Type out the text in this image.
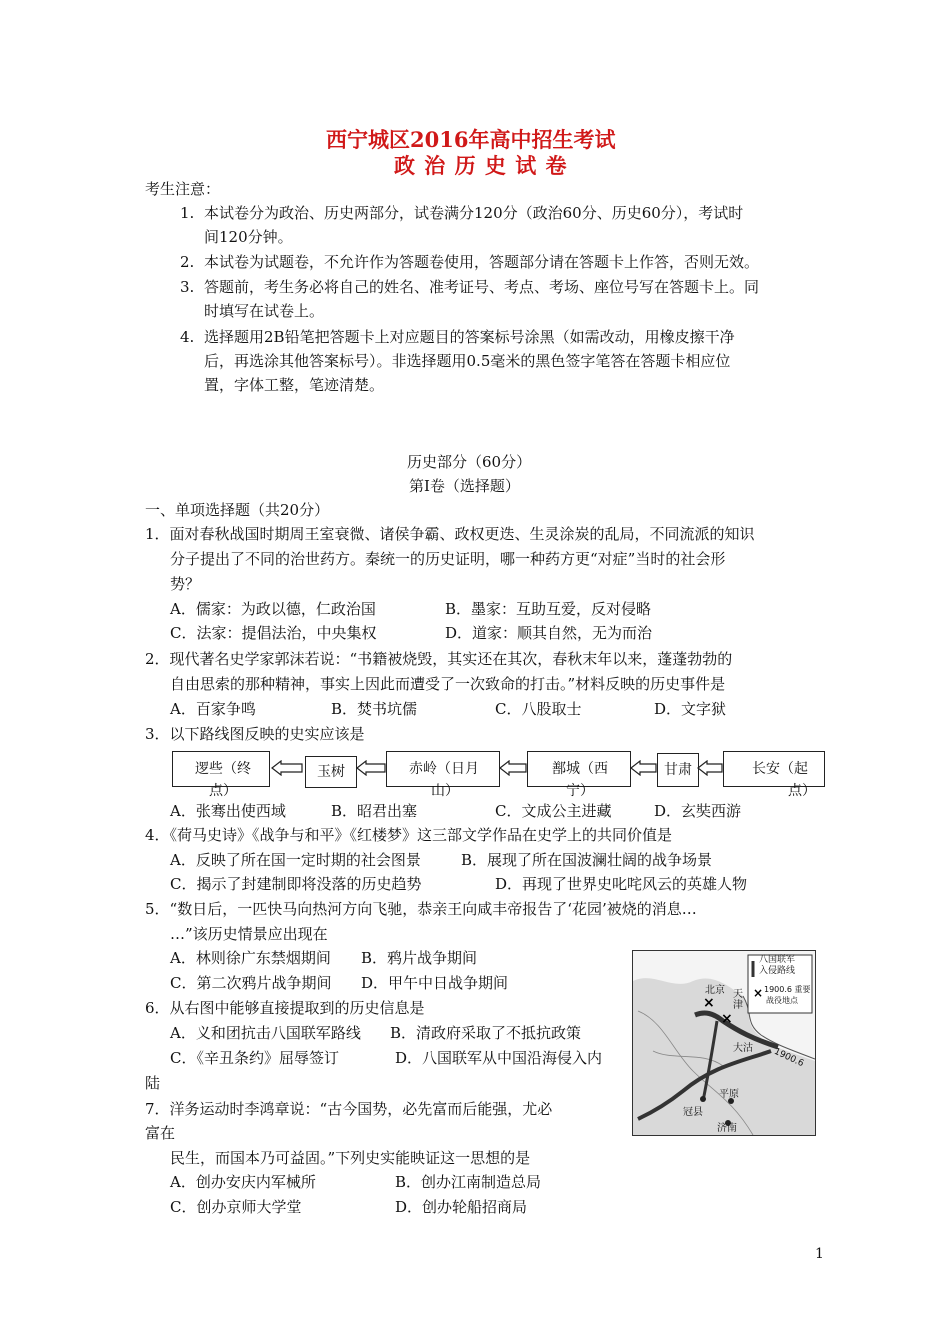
西宁城区2016年高中招生考试
政 治 历 史 试 卷
考生注意：
1. 本试卷分为政治、历史两部分，试卷满分120分（政治60分、历史60分），考试时
间120分钟。
2. 本试卷为试题卷，不允许作为答题卷使用，答题部分请在答题卡上作答，否则无效。
3. 答题前，考生务必将自己的姓名、准考证号、考点、考场、座位号写在答题卡上。同
时填写在试卷上。
4. 选择题用2B铅笔把答题卡上对应题目的答案标号涂黑（如需改动，用橡皮擦干净
后，再选涂其他答案标号）。非选择题用0.5毫米的黑色签字笔答在答题卡相应位
置，字体工整，笔迹清楚。
历史部分（60分）
第Ⅰ卷（选择题）
一、单项选择题（共20分）
1．面对春秋战国时期周王室衰微、诸侯争霸、政权更迭、生灵涂炭的乱局，不同流派的知识
分子提出了不同的治世药方。秦统一的历史证明，哪一种药方更“对症”当时的社会形
势？
A．儒家：为政以德，仁政治国	B．墨家：互助互爱，反对侵略
C．法家：提倡法治，中央集权	D．道家：顺其自然，无为而治
2．现代著名史学家郭沫若说：“书籍被烧毁，其实还在其次，春秋末年以来，蓬蓬勃勃的
自由思索的那种精神，事实上因此而遭受了一次致命的打击。”材料反映的历史事件是
A．百家争鸣	B．焚书坑儒	C．八股取士	D．文字狱
3．以下路线图反映的史实应该是
逻些（终
点）
玉树	赤岭（日月
山）
鄯城（西
宁）
甘肃	长安（起
点）
A．张骞出使西域	B．昭君出塞	C．文成公主进藏	D．玄奘西游
4．《荷马史诗》《战争与和平》《红楼梦》这三部文学作品在史学上的共同价值是
A．反映了所在国一定时期的社会图景	B．展现了所在国波澜壮阔的战争场景
C．揭示了封建制即将没落的历史趋势	D．再现了世界史叱咤风云的英雄人物
5．“数日后，一匹快马向热河方向飞驰，恭亲王向咸丰帝报告了‘花园’被烧的消息…
…”该历史情景应出现在
A．林则徐广东禁烟期间 B．鸦片战争期间
C．第二次鸦片战争期间 D．甲午中日战争期间
6．从右图中能够直接提取到的历史信息是
A．义和团抗击八国联军路线 B．清政府采取了不抵抗政策
C．《辛丑条约》屈辱签订	D．八国联军从中国沿海侵入内
陆
7．洋务运动时李鸿章说：“古今国势，必先富而后能强，尤必
富在
民生，而国本乃可益固。”下列史实能映证这一思想的是
A．创办安庆内军械所	B．创办江南制造总局
C．创办京师大学堂	D．创办轮船招商局
×
×
×
八国联军
入侵路线
1900.6 重要
战役地点
北京 天津
大沽 1900.6
冠县
平原
济南
1
